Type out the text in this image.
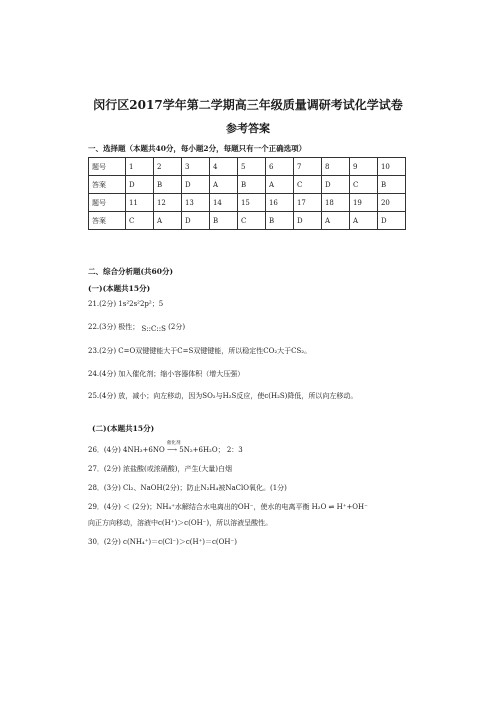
闵行区2017学年第二学期高三年级质量调研考试化学试卷
参考答案
一、选择题（本题共40分，每小题2分，每题只有一个正确选项）
题号	1	2	3	4	5	6	7	8	9	10
答案	D	B	D	A	B	A	C	D	C	B
题号	11	12	13	14	15	16	17	18	19	20
答案	C	A	D	B	C	B	D	A	A	D
二、综合分析题(共60分)
(一)(本题共15分)
21.(2分) 1s²2s²2p²；5
22.(3分) 极性； S::C::S (2分)
23.(2分) C=O双键键能大于C=S双键键能，所以稳定性CO₂大于CS₂。
24.(4分) 加入催化剂；缩小容器体积（增大压强）
25.(4分) 放，减小；向左移动，因为SO₂与H₂S反应，使c(H₂S)降低，所以向左移动。
(二)(本题共15分)
26．(4分) 4NH₃+6NO
催化剂
⟶ 5N₂+6H₂O； 2：3
27．(2分) 浓盐酸(或浓硝酸)，产生(大量)白烟
28．(3分) Cl₂、NaOH(2分)；防止N₂H₄被NaClO氧化。(1分)
29．(4分) ＜ (2分)；NH₄⁺水解结合水电离出的OH⁻，使水的电离平衡 H₂O ⇌ H⁺+OH⁻
向正方向移动，溶液中c(H⁺)＞c(OH⁻)，所以溶液呈酸性。
30．(2分) c(NH₄⁺)＝c(Cl⁻)＞c(H⁺)＝c(OH⁻)
